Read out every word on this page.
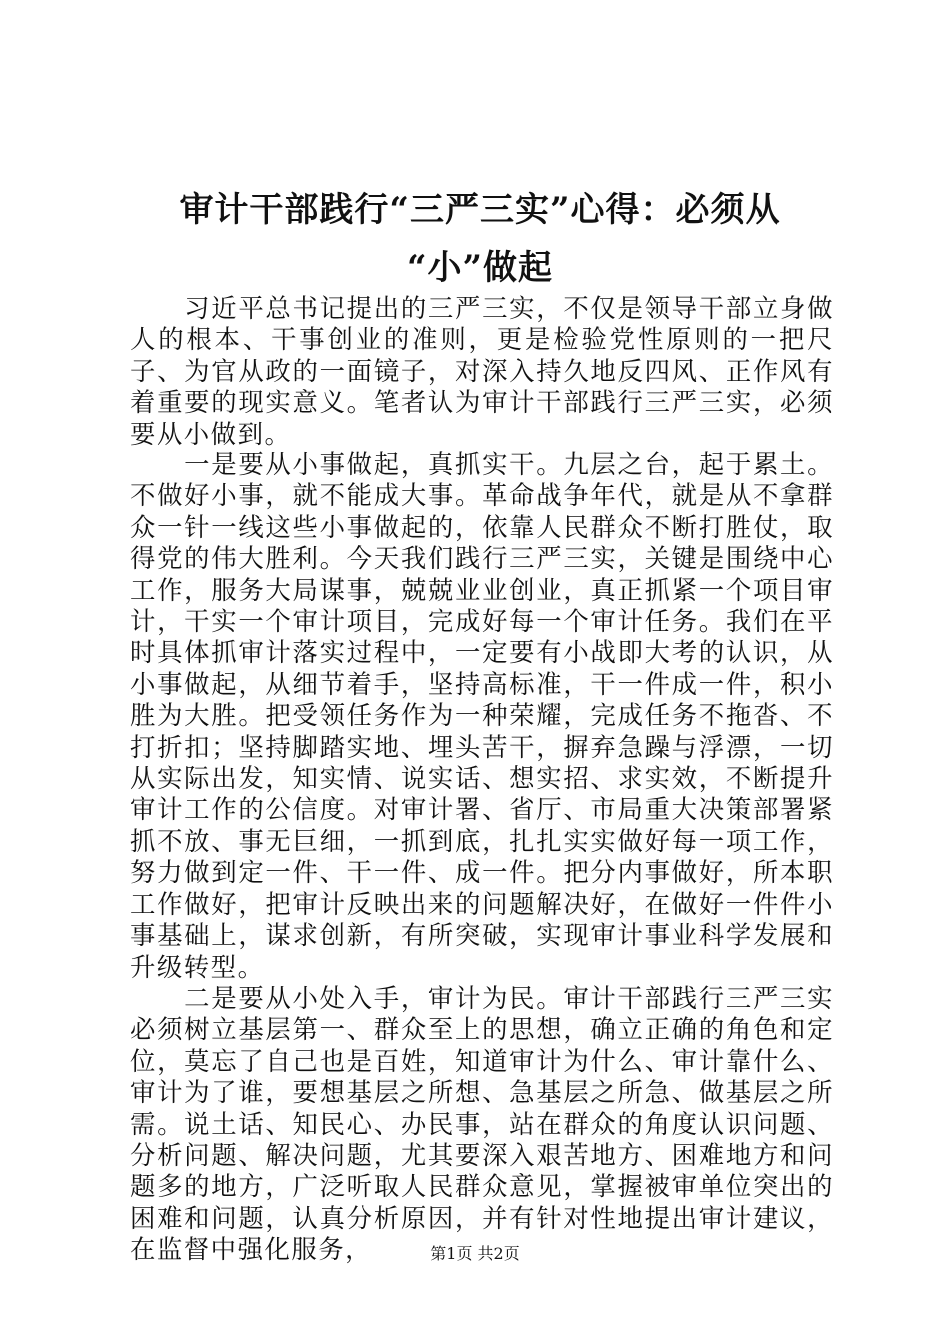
审计干部践行“三严三实”心得：必须从
“小”做起

　　习近平总书记提出的三严三实，不仅是领导干部立身做人的根本、干事创业的准则，更是检验党性原则的一把尺子、为官从政的一面镜子，对深入持久地反四风、正作风有着重要的现实意义。笔者认为审计干部践行三严三实，必须要从小做到。

　　一是要从小事做起，真抓实干。九层之台，起于累土。不做好小事，就不能成大事。革命战争年代，就是从不拿群众一针一线这些小事做起的，依靠人民群众不断打胜仗，取得党的伟大胜利。今天我们践行三严三实，关键是围绕中心工作，服务大局谋事，兢兢业业创业，真正抓紧一个项目审计，干实一个审计项目，完成好每一个审计任务。我们在平时具体抓审计落实过程中，一定要有小战即大考的认识，从小事做起，从细节着手，坚持高标准，干一件成一件，积小胜为大胜。把受领任务作为一种荣耀，完成任务不拖沓、不打折扣；坚持脚踏实地、埋头苦干，摒弃急躁与浮漂，一切从实际出发，知实情、说实话、想实招、求实效，不断提升审计工作的公信度。对审计署、省厅、市局重大决策部署紧抓不放、事无巨细，一抓到底，扎扎实实做好每一项工作，努力做到定一件、干一件、成一件。把分内事做好，所本职工作做好，把审计反映出来的问题解决好，在做好一件件小事基础上，谋求创新，有所突破，实现审计事业科学发展和升级转型。
　　二是要从小处入手，审计为民。审计干部践行三严三实必须树立基层第一、群众至上的思想，确立正确的角色和定位，莫忘了自己也是百姓，知道审计为什么、审计靠什么、审计为了谁，要想基层之所想、急基层之所急、做基层之所需。说土话、知民心、办民事，站在群众的角度认识问题、分析问题、解决问题，尤其要深入艰苦地方、困难地方和问题多的地方，广泛听取人民群众意见，掌握被审单位突出的困难和问题，认真分析原因，并有针对性地提出审计建议，在监督中强化服务，	第1页 共2页
